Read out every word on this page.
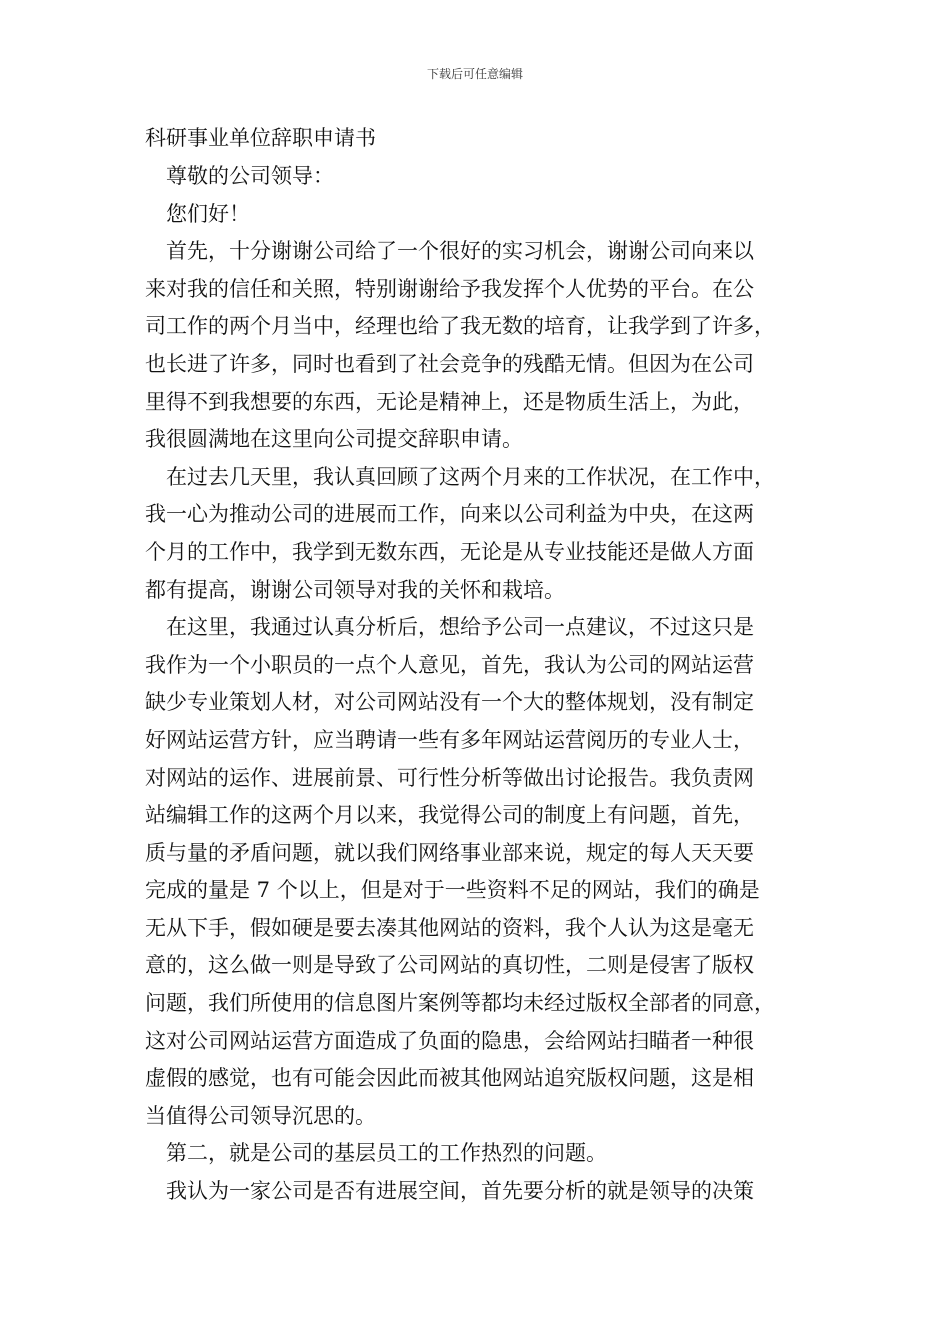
下载后可任意编辑
科研事业单位辞职申请书

尊敬的公司领导：

您们好！

首先，十分谢谢公司给了一个很好的实习机会，谢谢公司向来以
来对我的信任和关照，特别谢谢给予我发挥个人优势的平台。在公
司工作的两个月当中，经理也给了我无数的培育，让我学到了许多，
也长进了许多，同时也看到了社会竞争的残酷无情。但因为在公司
里得不到我想要的东西，无论是精神上，还是物质生活上，为此，
我很圆满地在这里向公司提交辞职申请。

在过去几天里，我认真回顾了这两个月来的工作状况，在工作中，
我一心为推动公司的进展而工作，向来以公司利益为中央，在这两
个月的工作中，我学到无数东西，无论是从专业技能还是做人方面
都有提高，谢谢公司领导对我的关怀和栽培。

在这里，我通过认真分析后，想给予公司一点建议，不过这只是
我作为一个小职员的一点个人意见，首先，我认为公司的网站运营
缺少专业策划人材，对公司网站没有一个大的整体规划，没有制定
好网站运营方针，应当聘请一些有多年网站运营阅历的专业人士，
对网站的运作、进展前景、可行性分析等做出讨论报告。我负责网
站编辑工作的这两个月以来，我觉得公司的制度上有问题，首先，
质与量的矛盾问题，就以我们网络事业部来说，规定的每人天天要
完成的量是 7 个以上，但是对于一些资料不足的网站，我们的确是
无从下手，假如硬是要去凑其他网站的资料，我个人认为这是毫无
意的，这么做一则是导致了公司网站的真切性，二则是侵害了版权
问题，我们所使用的信息图片案例等都均未经过版权全部者的同意，
这对公司网站运营方面造成了负面的隐患，会给网站扫瞄者一种很
虚假的感觉，也有可能会因此而被其他网站追究版权问题，这是相
当值得公司领导沉思的。

第二，就是公司的基层员工的工作热烈的问题。

我认为一家公司是否有进展空间，首先要分析的就是领导的决策
